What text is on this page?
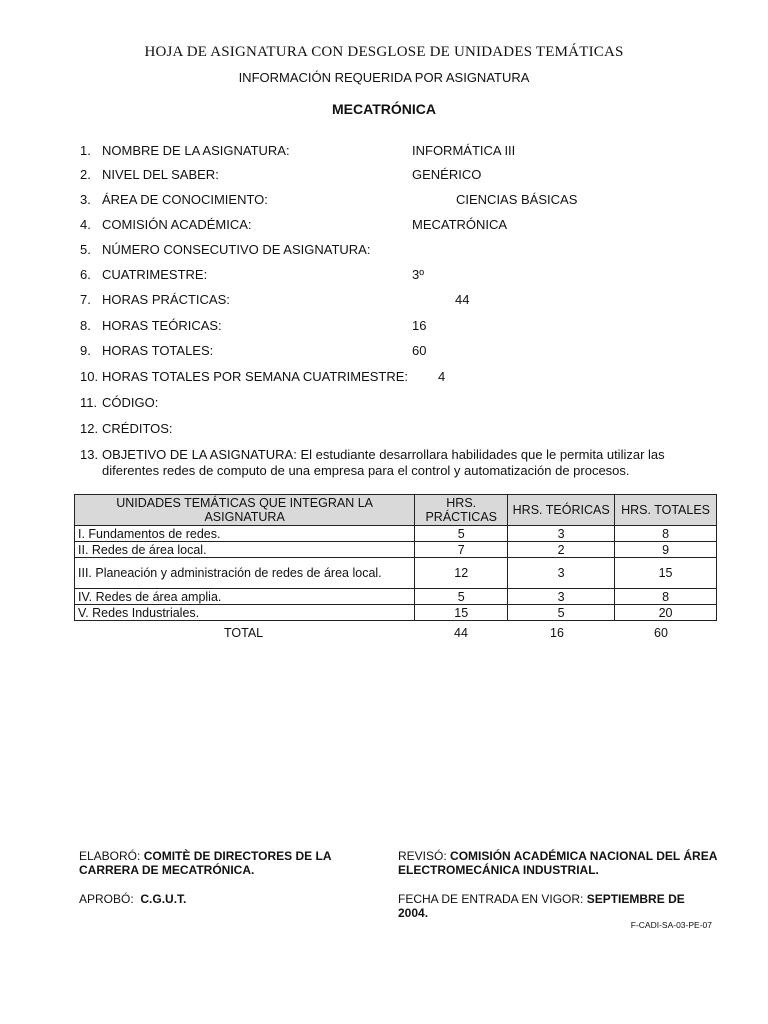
HOJA DE ASIGNATURA CON DESGLOSE DE UNIDADES TEMÁTICAS
INFORMACIÓN REQUERIDA POR ASIGNATURA
MECATRÓNICA
1. NOMBRE DE LA ASIGNATURA:	INFORMÁTICA III
2. NIVEL DEL SABER:	GENÉRICO
3. ÁREA DE CONOCIMIENTO:	CIENCIAS BÁSICAS
4. COMISIÓN ACADÉMICA:	MECATRÓNICA
5. NÚMERO CONSECUTIVO DE ASIGNATURA:
6. CUATRIMESTRE:	3º
7. HORAS PRÁCTICAS:	44
8. HORAS TEÓRICAS:	16
9. HORAS TOTALES:	60
10. HORAS TOTALES POR SEMANA CUATRIMESTRE: 4
11. CÓDIGO:
12. CRÉDITOS:
13. OBJETIVO DE LA ASIGNATURA: El estudiante desarrollara habilidades que le permita utilizar las diferentes redes de computo de una empresa para el control y automatización de procesos.
UNIDADES TEMÁTICAS QUE INTEGRAN LA ASIGNATURA	HRS. PRÁCTICAS	HRS. TEÓRICAS	HRS. TOTALES
I. Fundamentos de redes.	5	3	8
II. Redes de área local.	7	2	9
III. Planeación y administración de redes de área local.	12	3	15
IV. Redes de área amplia.	5	3	8
V. Redes Industriales.	15	5	20
TOTAL	44	16	60
ELABORÓ: COMITÈ DE DIRECTORES DE LA CARRERA DE MECATRÓNICA.
REVISÓ: COMISIÓN ACADÉMICA NACIONAL DEL ÁREA ELECTROMECÁNICA INDUSTRIAL.
APROBÓ: C.G.U.T.	FECHA DE ENTRADA EN VIGOR: SEPTIEMBRE DE 2004.
F-CADI-SA-03-PE-07
